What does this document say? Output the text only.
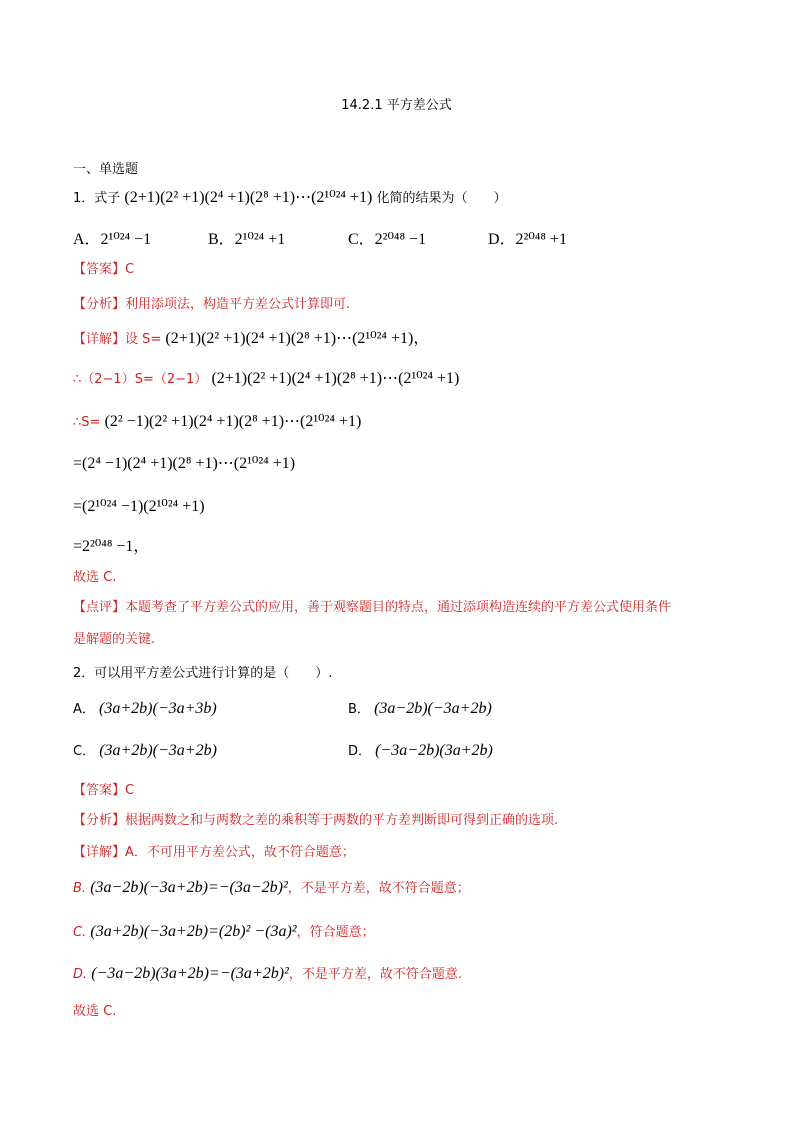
14.2.1 平方差公式
一、单选题
1．式子 (2+1)(2² +1)(2⁴ +1)(2⁸ +1)⋯(2¹⁰²⁴ +1) 化简的结果为（　　）
A．2¹⁰²⁴ −1	B．2¹⁰²⁴ +1	C．2²⁰⁴⁸ −1	D．2²⁰⁴⁸ +1
【答案】C
【分析】利用添项法，构造平方差公式计算即可.
【详解】设 S= (2+1)(2² +1)(2⁴ +1)(2⁸ +1)⋯(2¹⁰²⁴ +1)，
∴（2−1）S=（2−1） (2+1)(2² +1)(2⁴ +1)(2⁸ +1)⋯(2¹⁰²⁴ +1)
∴S= (2² −1)(2² +1)(2⁴ +1)(2⁸ +1)⋯(2¹⁰²⁴ +1)
=(2⁴ −1)(2⁴ +1)(2⁸ +1)⋯(2¹⁰²⁴ +1)
=(2¹⁰²⁴ −1)(2¹⁰²⁴ +1)
=2²⁰⁴⁸ −1，
故选 C.
【点评】本题考查了平方差公式的应用，善于观察题目的特点，通过添项构造连续的平方差公式使用条件
是解题的关键.
2．可以用平方差公式进行计算的是（　　）.
A． (3a+2b)(−3a+3b)	B． (3a−2b)(−3a+2b)
C． (3a+2b)(−3a+2b)	D． (−3a−2b)(3a+2b)
【答案】C
【分析】根据两数之和与两数之差的乘积等于两数的平方差判断即可得到正确的选项.
【详解】A．不可用平方差公式，故不符合题意；
B. (3a−2b)(−3a+2b)=−(3a−2b)²，不是平方差，故不符合题意；
C. (3a+2b)(−3a+2b)=(2b)² −(3a)²，符合题意；
D. (−3a−2b)(3a+2b)=−(3a+2b)²，不是平方差，故不符合题意.
故选 C.
